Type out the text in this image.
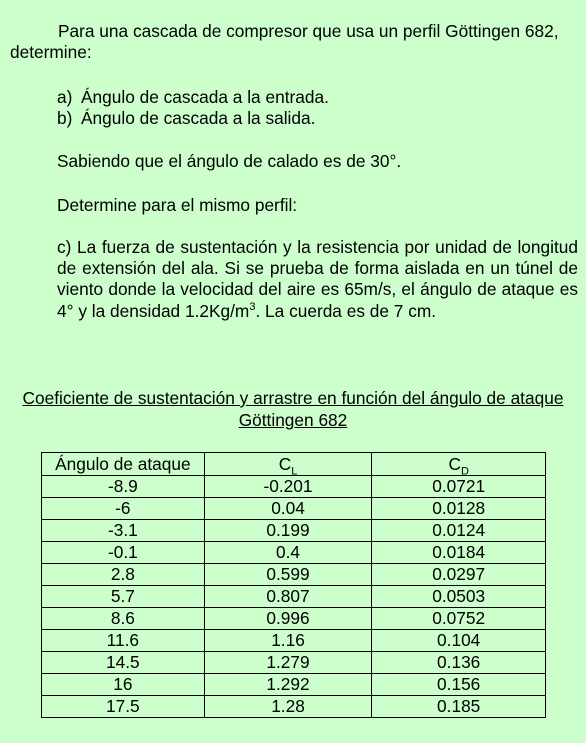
Para una cascada de compresor que usa un perfil Göttingen 682, determine:

a) Ángulo de cascada a la entrada.
b) Ángulo de cascada a la salida.

Sabiendo que el ángulo de calado es de 30°.

Determine para el mismo perfil:

c) La fuerza de sustentación y la resistencia por unidad de longitud de extensión del ala. Si se prueba de forma aislada en un túnel de viento donde la velocidad del aire es 65m/s, el ángulo de ataque es 4° y la densidad $1.2Kg/m^3$. La cuerda es de 7 cm.

Coeficiente de sustentación y arrastre en función del ángulo de ataque Göttingen 682
Ángulo de ataque	$C_L$	$C_D$
-8.9	-0.201	0.0721
-6	0.04	0.0128
-3.1	0.199	0.0124
-0.1	0.4	0.0184
2.8	0.599	0.0297
5.7	0.807	0.0503
8.6	0.996	0.0752
11.6	1.16	0.104
14.5	1.279	0.136
16	1.292	0.156
17.5	1.28	0.185
